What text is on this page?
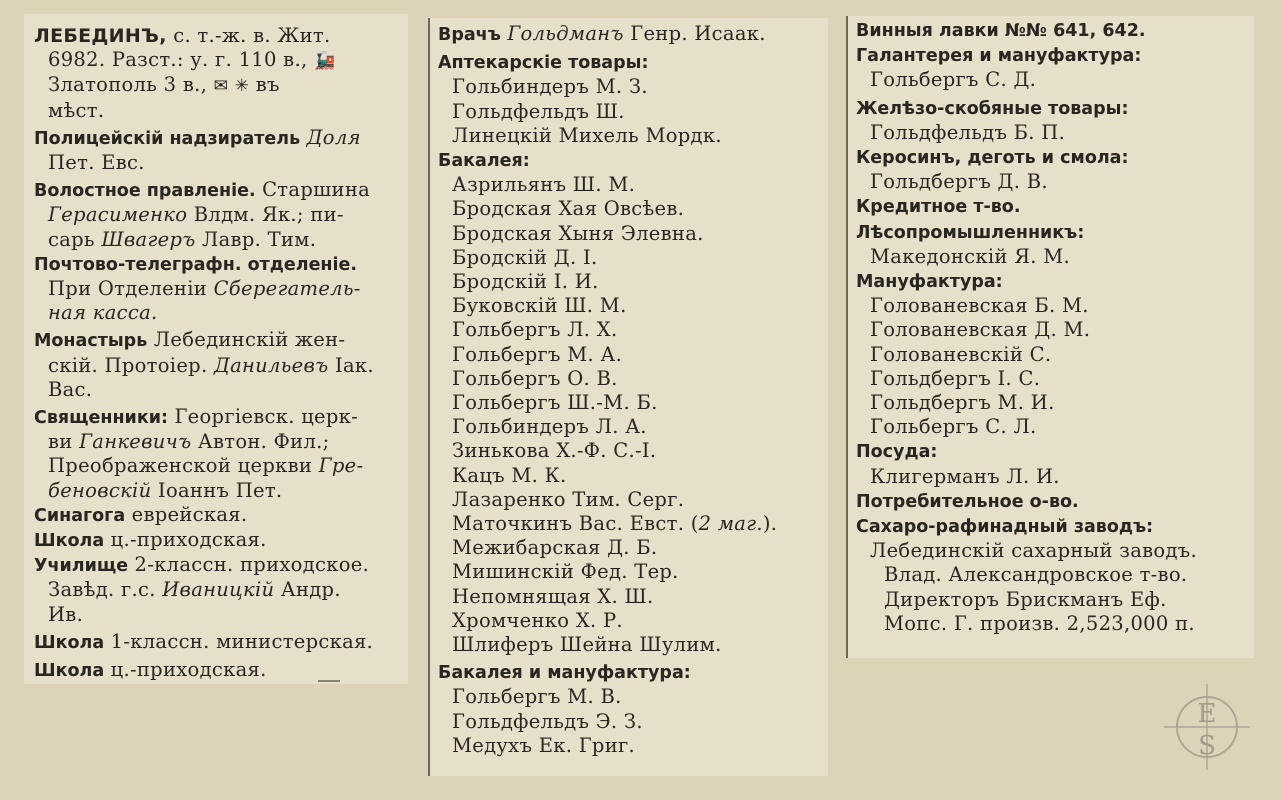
ЛЕБЕДИНЪ, с. т.-ж. в. Жит.
6982. Разст.: у. г. 110 в., 🚂
Златополь 3 в., ✉ ✳ въ
мѣст.
Полицейскій надзиратель Доля
Пет. Евс.
Волостное правленіе. Старшина
Герасименко Влдм. Як.; пи-
сарь Швагеръ Лавр. Тим.
Почтово-телеграфн. отделеніе.
При Отделеніи Сберегатель-
ная касса.
Монастырь Лебединскій жен-
скій. Протоіер. Данильевъ Іак.
Вас.
Священники: Георгіевск. церк-
ви Ганкевичъ Автон. Фил.;
Преображенской церкви Гре-
беновскій Іоаннъ Пет.
Синагога еврейская.
Школа ц.-приходская.
Училище 2-классн. приходское.
Завѣд. г.с. Иваницкій Андр.
Ив.
Школа 1-классн. министерская.
Школа ц.-приходская.
Врачъ Гольдманъ Генр. Исаак.
Аптекарскіе товары:
Гольбиндеръ М. З.
Гольдфельдъ Ш.
Линецкій Михель Мордк.
Бакалея:
Азрильянъ Ш. М.
Бродская Хая Овсѣев.
Бродская Хыня Элевна.
Бродскій Д. І.
Бродскій І. И.
Буковскій Ш. М.
Гольбергъ Л. Х.
Гольбергъ М. А.
Гольбергъ О. В.
Гольбергъ Ш.-М. Б.
Гольбиндеръ Л. А.
Зинькова Х.-Ф. С.-І.
Кацъ М. К.
Лазаренко Тим. Серг.
Маточкинъ Вас. Евст. (2 маг.).
Межибарская Д. Б.
Мишинскій Фед. Тер.
Непомнящая Х. Ш.
Хромченко Х. Р.
Шлиферъ Шейна Шулим.
Бакалея и мануфактура:
Гольбергъ М. В.
Гольдфельдъ Э. З.
Медухъ Ек. Григ.
Винныя лавки №№ 641, 642.
Галантерея и мануфактура:
Гольбергъ С. Д.
Желѣзо-скобяные товары:
Гольдфельдъ Б. П.
Керосинъ, деготь и смола:
Гольдбергъ Д. В.
Кредитное т-во.
Лѣсопромышленникъ:
Македонскій Я. М.
Мануфактура:
Голованевская Б. М.
Голованевская Д. М.
Голованевскій С.
Гольдбергъ І. С.
Гольдбергъ М. И.
Гольбергъ С. Л.
Посуда:
Клигерманъ Л. И.
Потребительное о-во.
Сахаро-рафинадный заводъ:
Лебединскій сахарный заводъ.
Влад. Александровское т-во.
Директоръ Брискманъ Еф.
Мопс. Г. произв. 2,523,000 п.
E
S
